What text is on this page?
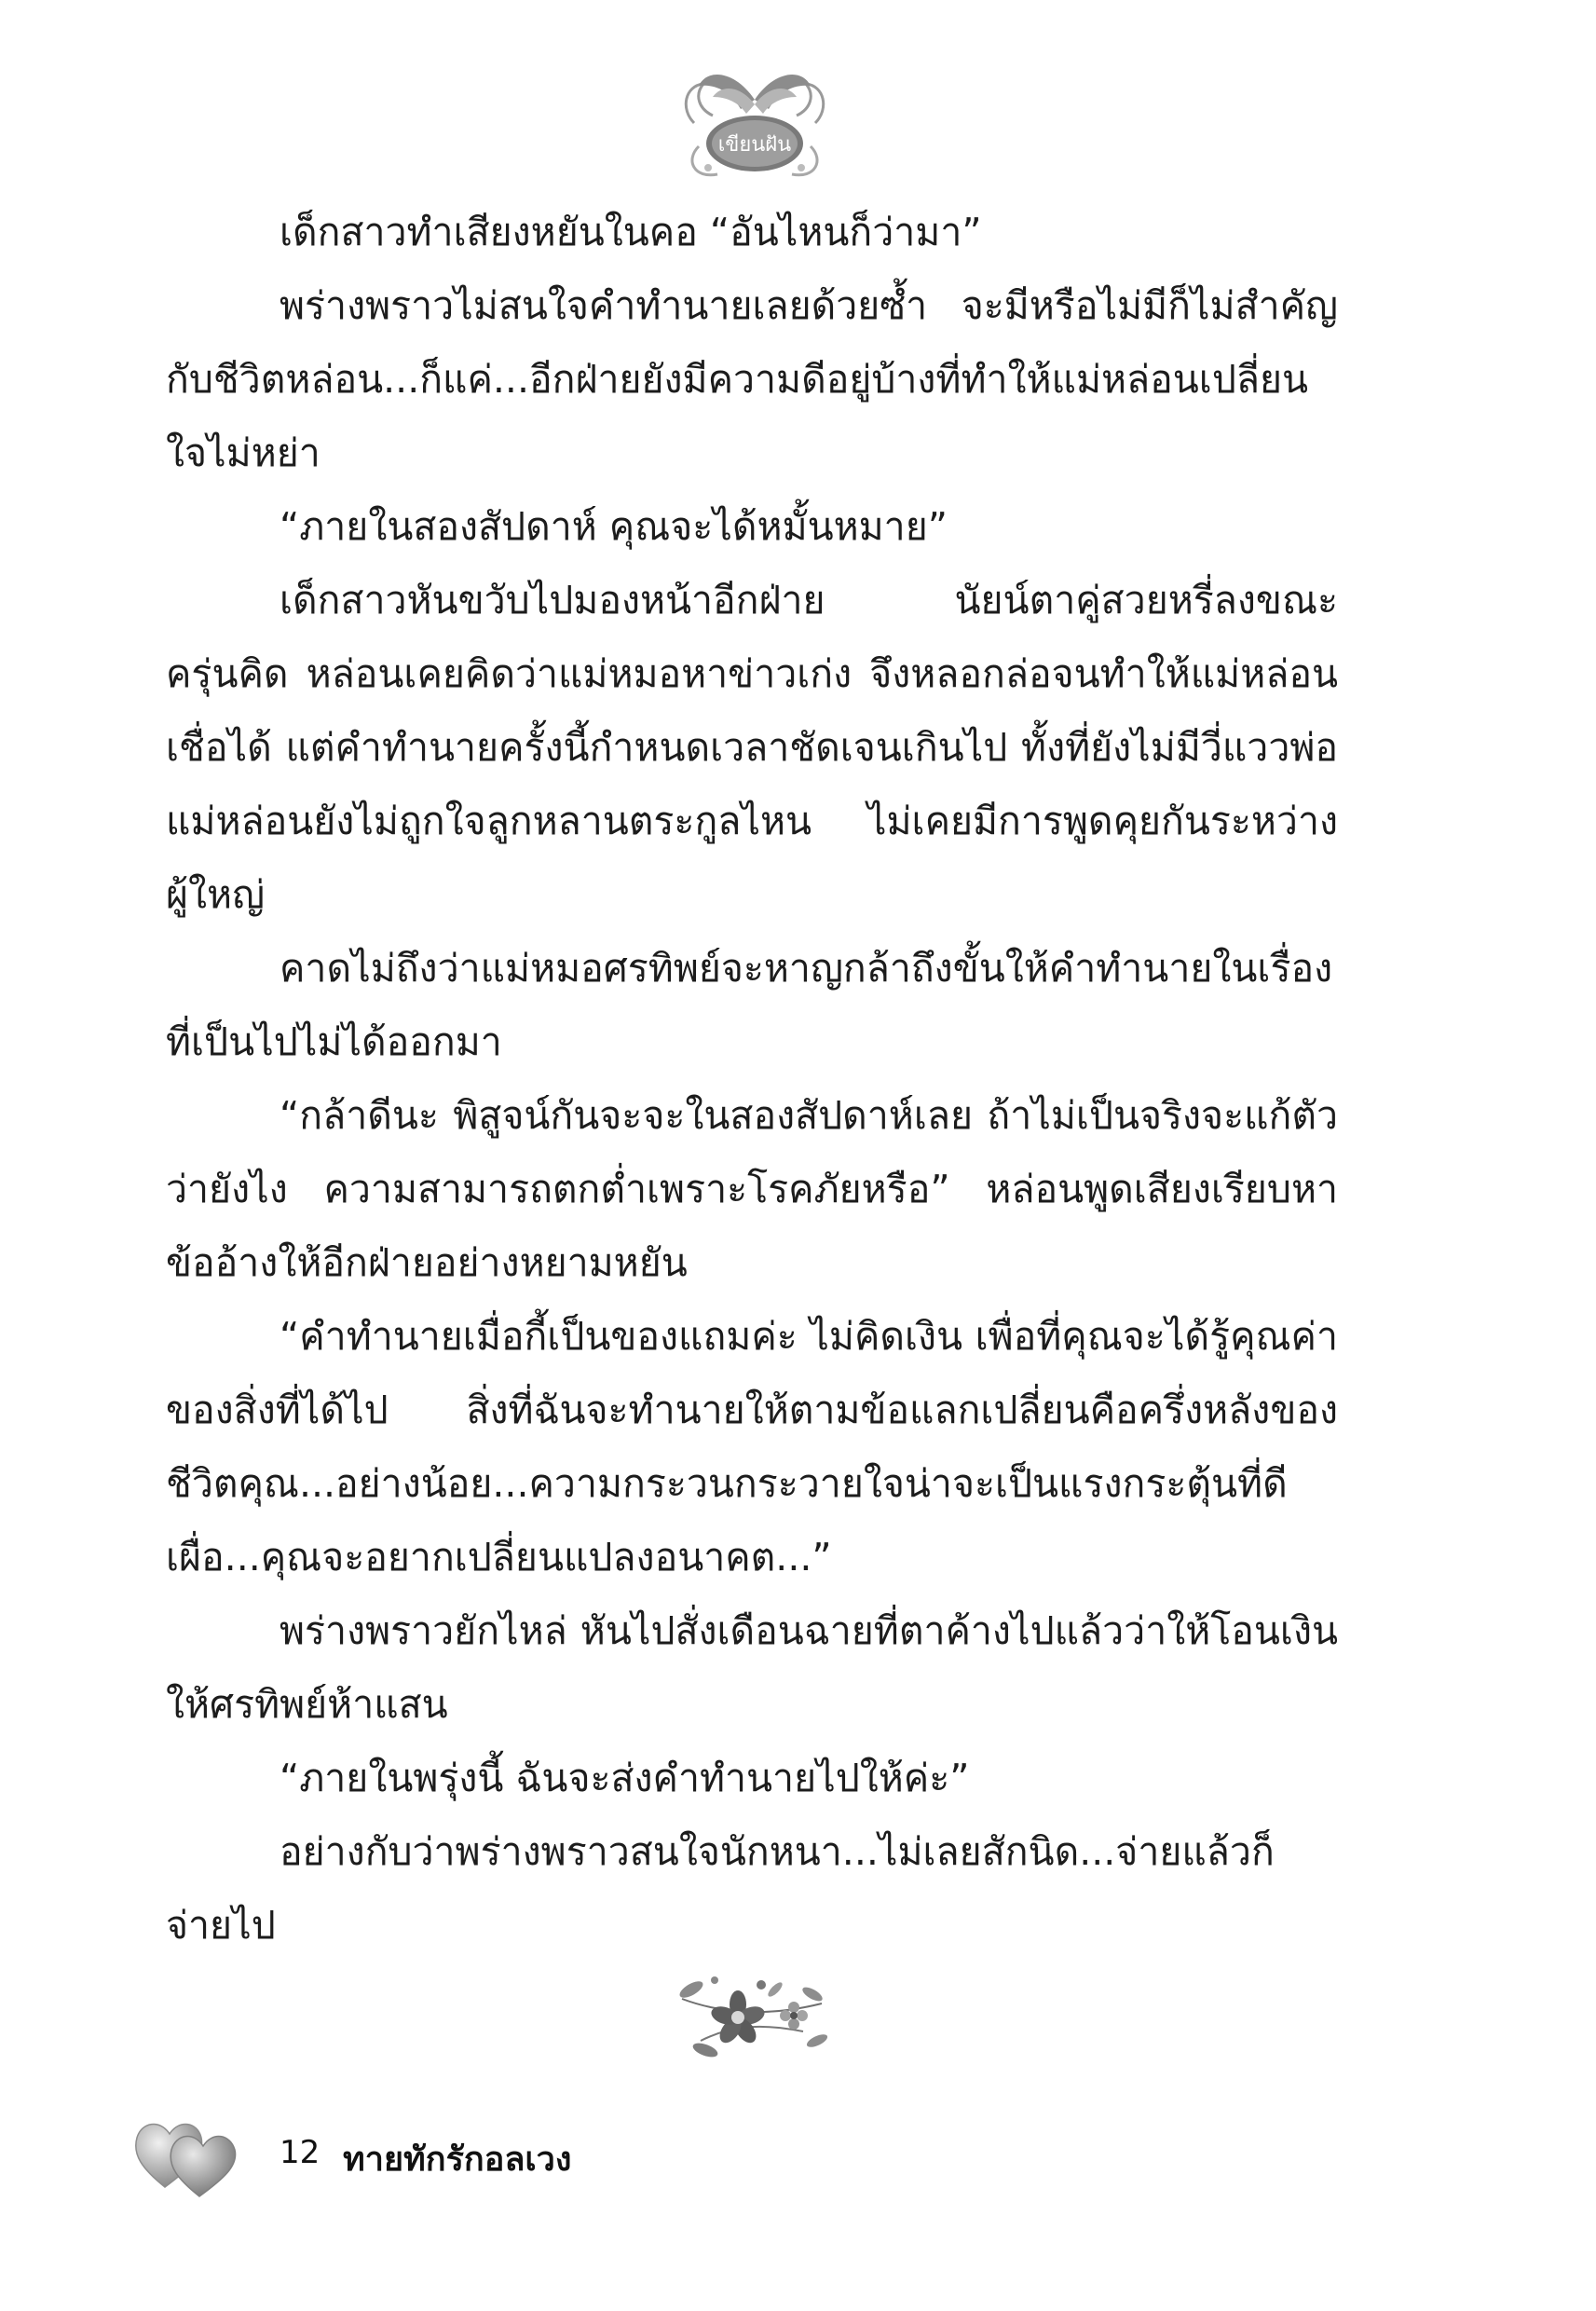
เขียนฝัน

เด็กสาวทำเสียงหยันในคอ “อันไหนก็ว่ามา”

พร่างพราวไม่สนใจคำทำนายเลยด้วยซ้ำ จะมีหรือไม่มีก็ไม่สำคัญกับชีวิตหล่อน...ก็แค่...อีกฝ่ายยังมีความดีอยู่บ้างที่ทำให้แม่หล่อนเปลี่ยนใจไม่หย่า

“ภายในสองสัปดาห์ คุณจะได้หมั้นหมาย”

เด็กสาวหันขวับไปมองหน้าอีกฝ่าย นัยน์ตาคู่สวยหรี่ลงขณะครุ่นคิด หล่อนเคยคิดว่าแม่หมอหาข่าวเก่ง จึงหลอกล่อจนทำให้แม่หล่อนเชื่อได้ แต่คำทำนายครั้งนี้กำหนดเวลาชัดเจนเกินไป ทั้งที่ยังไม่มีวี่แววพ่อแม่หล่อนยังไม่ถูกใจลูกหลานตระกูลไหน ไม่เคยมีการพูดคุยกันระหว่างผู้ใหญ่

คาดไม่ถึงว่าแม่หมอศรทิพย์จะหาญกล้าถึงขั้นให้คำทำนายในเรื่องที่เป็นไปไม่ได้ออกมา

“กล้าดีนะ พิสูจน์กันจะจะในสองสัปดาห์เลย ถ้าไม่เป็นจริงจะแก้ตัวว่ายังไง ความสามารถตกต่ำเพราะโรคภัยหรือ” หล่อนพูดเสียงเรียบหาข้ออ้างให้อีกฝ่ายอย่างหยามหยัน

“คำทำนายเมื่อกี้เป็นของแถมค่ะ ไม่คิดเงิน เพื่อที่คุณจะได้รู้คุณค่าของสิ่งที่ได้ไป สิ่งที่ฉันจะทำนายให้ตามข้อแลกเปลี่ยนคือครึ่งหลังของชีวิตคุณ...อย่างน้อย...ความกระวนกระวายใจน่าจะเป็นแรงกระตุ้นที่ดี เผื่อ...คุณจะอยากเปลี่ยนแปลงอนาคต...”

พร่างพราวยักไหล่ หันไปสั่งเดือนฉายที่ตาค้างไปแล้วว่าให้โอนเงินให้ศรทิพย์ห้าแสน

“ภายในพรุ่งนี้ ฉันจะส่งคำทำนายไปให้ค่ะ”

อย่างกับว่าพร่างพราวสนใจนักหนา...ไม่เลยสักนิด...จ่ายแล้วก็จ่ายไป

12 ทายทักรักอลเวง
